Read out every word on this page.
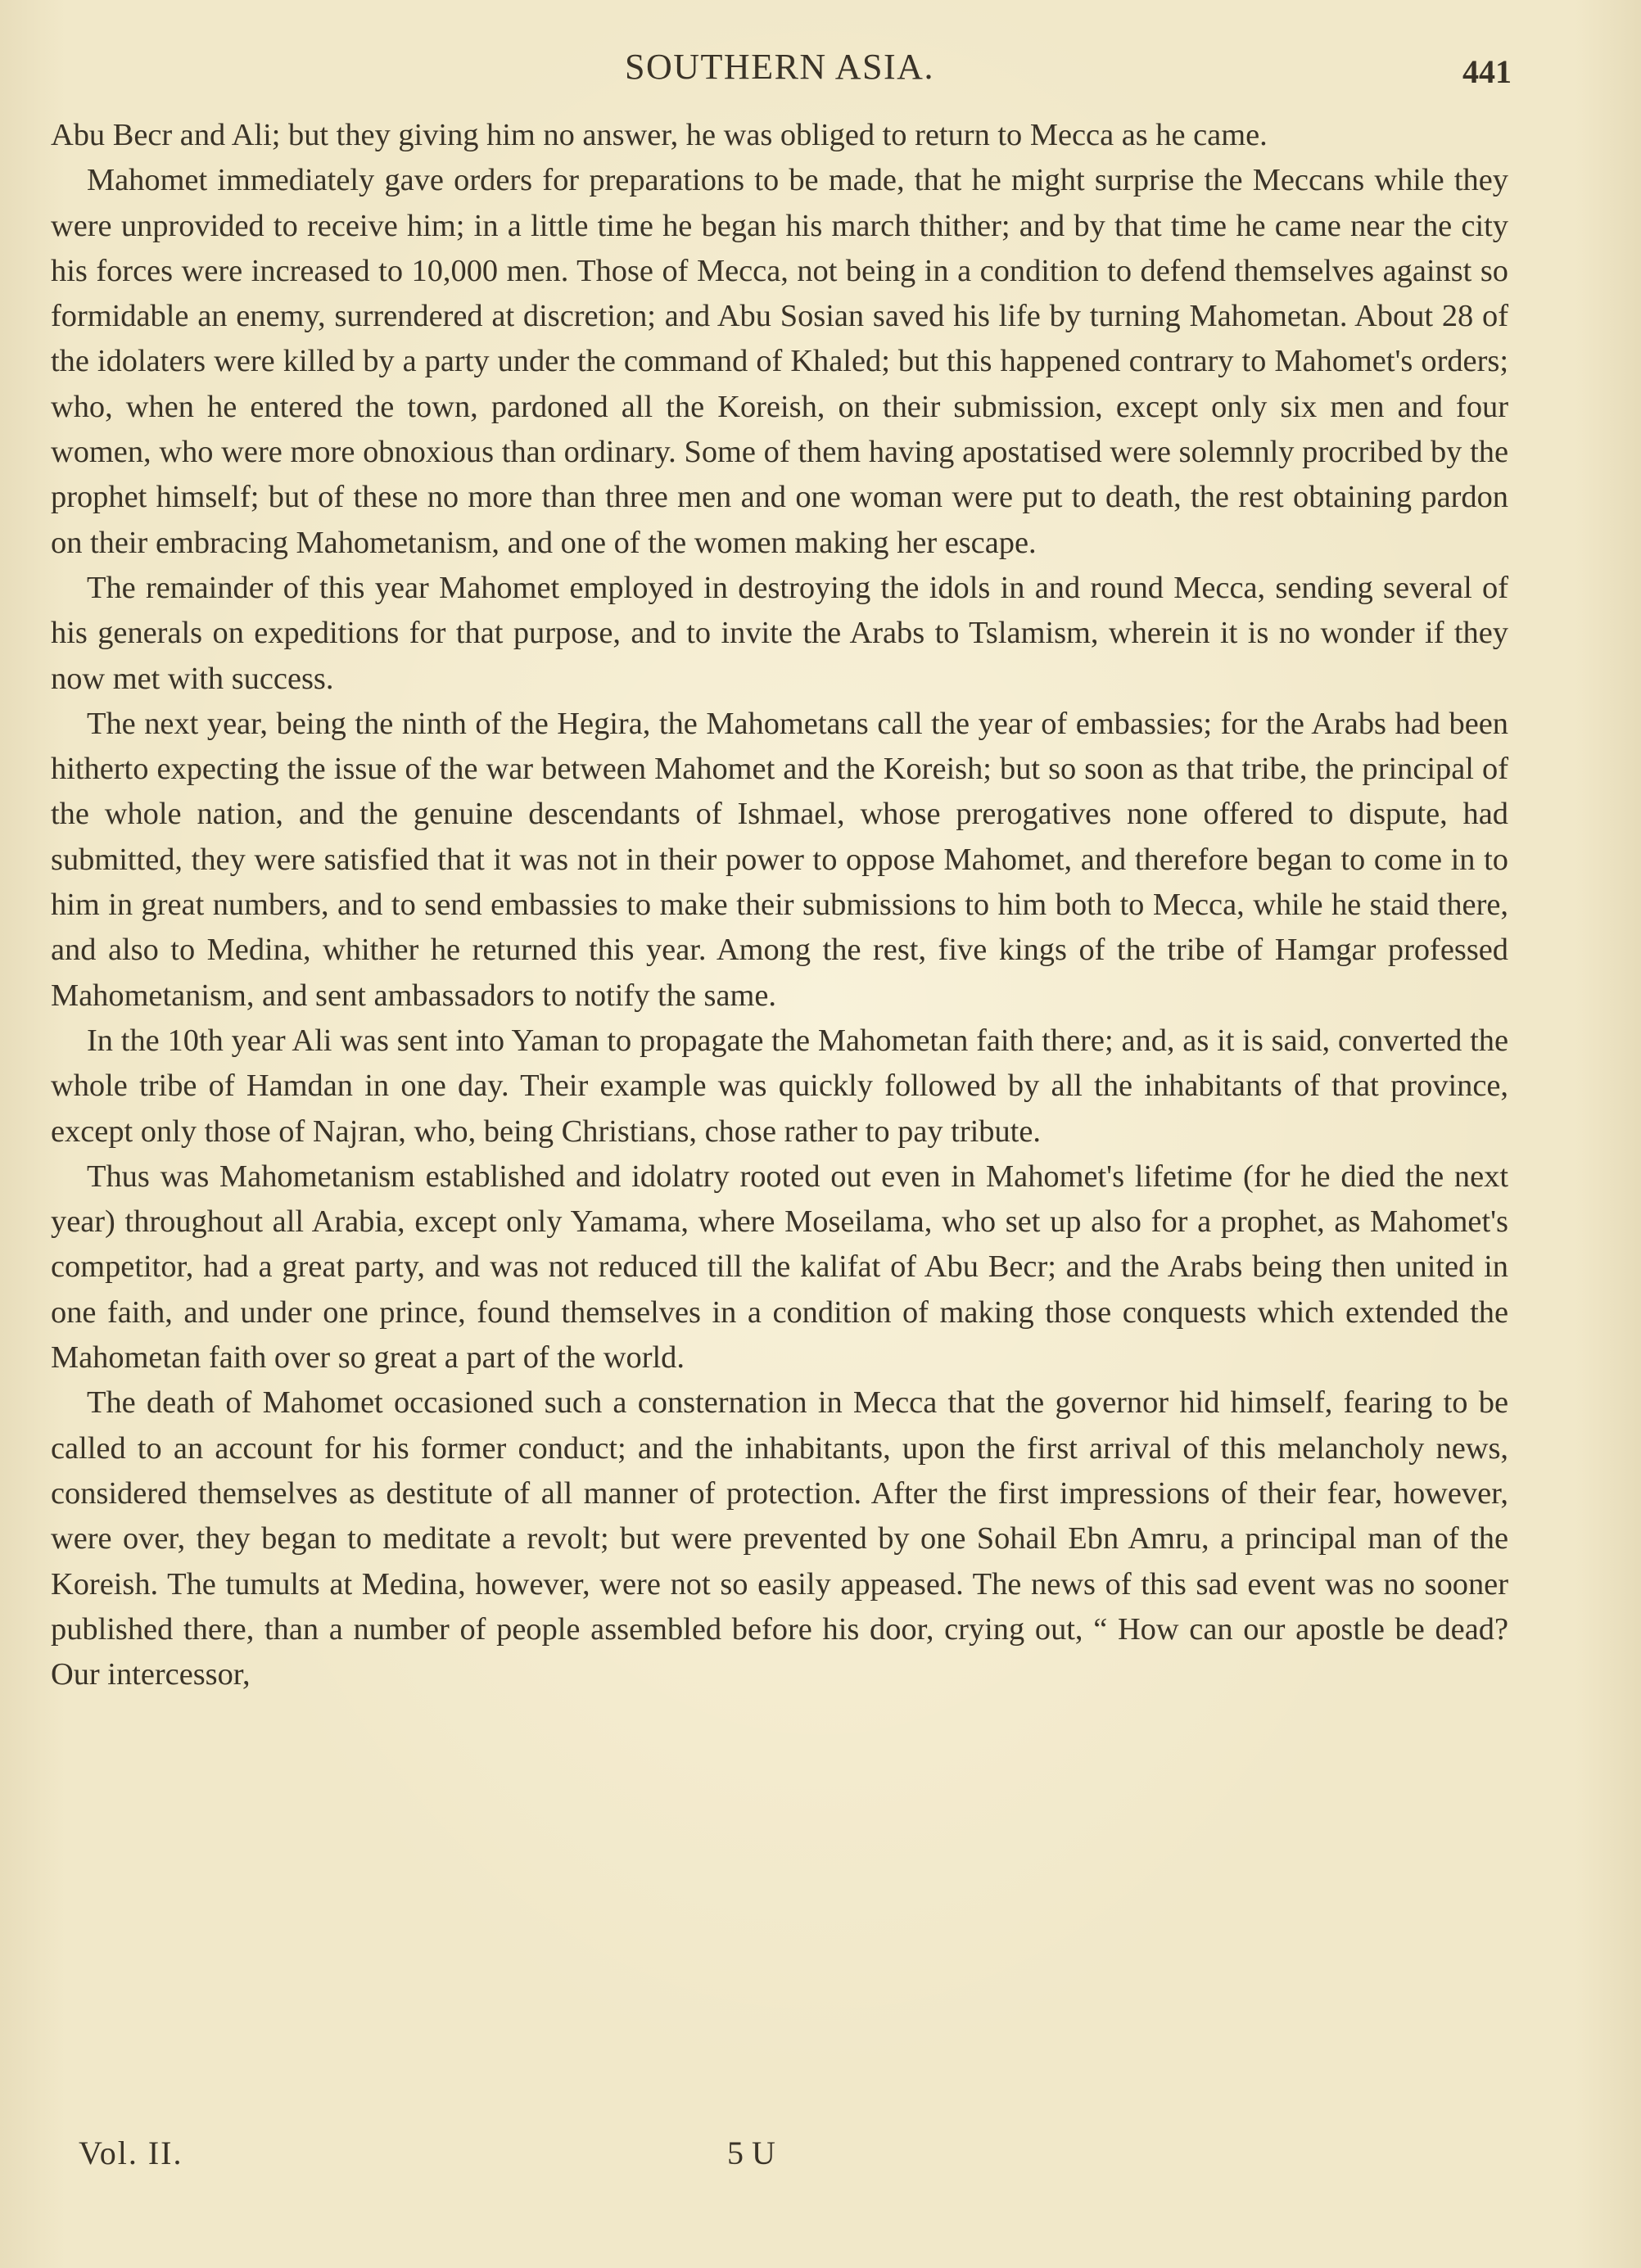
SOUTHERN ASIA.	441

Abu Becr and Ali; but they giving him no answer, he was obliged to return to Mecca as he came.

Mahomet immediately gave orders for preparations to be made, that he might surprise the Meccans while they were unprovided to receive him; in a little time he began his march thither; and by that time he came near the city his forces were increased to 10,000 men. Those of Mecca, not being in a condition to defend themselves against so formidable an enemy, surrendered at discretion; and Abu Sosian saved his life by turning Mahometan. About 28 of the idolaters were killed by a party under the command of Khaled; but this happened contrary to Mahomet's orders; who, when he entered the town, pardoned all the Koreish, on their submission, except only six men and four women, who were more obnoxious than ordinary. Some of them having apostatised were solemnly procribed by the prophet himself; but of these no more than three men and one woman were put to death, the rest obtaining pardon on their embracing Mahometanism, and one of the women making her escape.

The remainder of this year Mahomet employed in destroying the idols in and round Mecca, sending several of his generals on expeditions for that purpose, and to invite the Arabs to Tslamism, wherein it is no wonder if they now met with success.

The next year, being the ninth of the Hegira, the Mahometans call the year of embassies; for the Arabs had been hitherto expecting the issue of the war between Mahomet and the Koreish; but so soon as that tribe, the principal of the whole nation, and the genuine descendants of Ishmael, whose prerogatives none offered to dispute, had submitted, they were satisfied that it was not in their power to oppose Mahomet, and therefore began to come in to him in great numbers, and to send embassies to make their submissions to him both to Mecca, while he staid there, and also to Medina, whither he returned this year. Among the rest, five kings of the tribe of Hamgar professed Mahometanism, and sent ambassadors to notify the same.

In the 10th year Ali was sent into Yaman to propagate the Mahometan faith there; and, as it is said, converted the whole tribe of Hamdan in one day. Their example was quickly followed by all the inhabitants of that province, except only those of Najran, who, being Christians, chose rather to pay tribute.

Thus was Mahometanism established and idolatry rooted out even in Mahomet's lifetime (for he died the next year) throughout all Arabia, except only Yamama, where Moseilama, who set up also for a prophet, as Mahomet's competitor, had a great party, and was not reduced till the kalifat of Abu Becr; and the Arabs being then united in one faith, and under one prince, found themselves in a condition of making those conquests which extended the Mahometan faith over so great a part of the world.

The death of Mahomet occasioned such a consternation in Mecca that the governor hid himself, fearing to be called to an account for his former conduct; and the inhabitants, upon the first arrival of this melancholy news, considered themselves as destitute of all manner of protection. After the first impressions of their fear, however, were over, they began to meditate a revolt; but were prevented by one Sohail Ebn Amru, a principal man of the Koreish. The tumults at Medina, however, were not so easily appeased. The news of this sad event was no sooner published there, than a number of people assembled before his door, crying out, “ How can our apostle be dead? Our intercessor,

Vol. II.	5 U
